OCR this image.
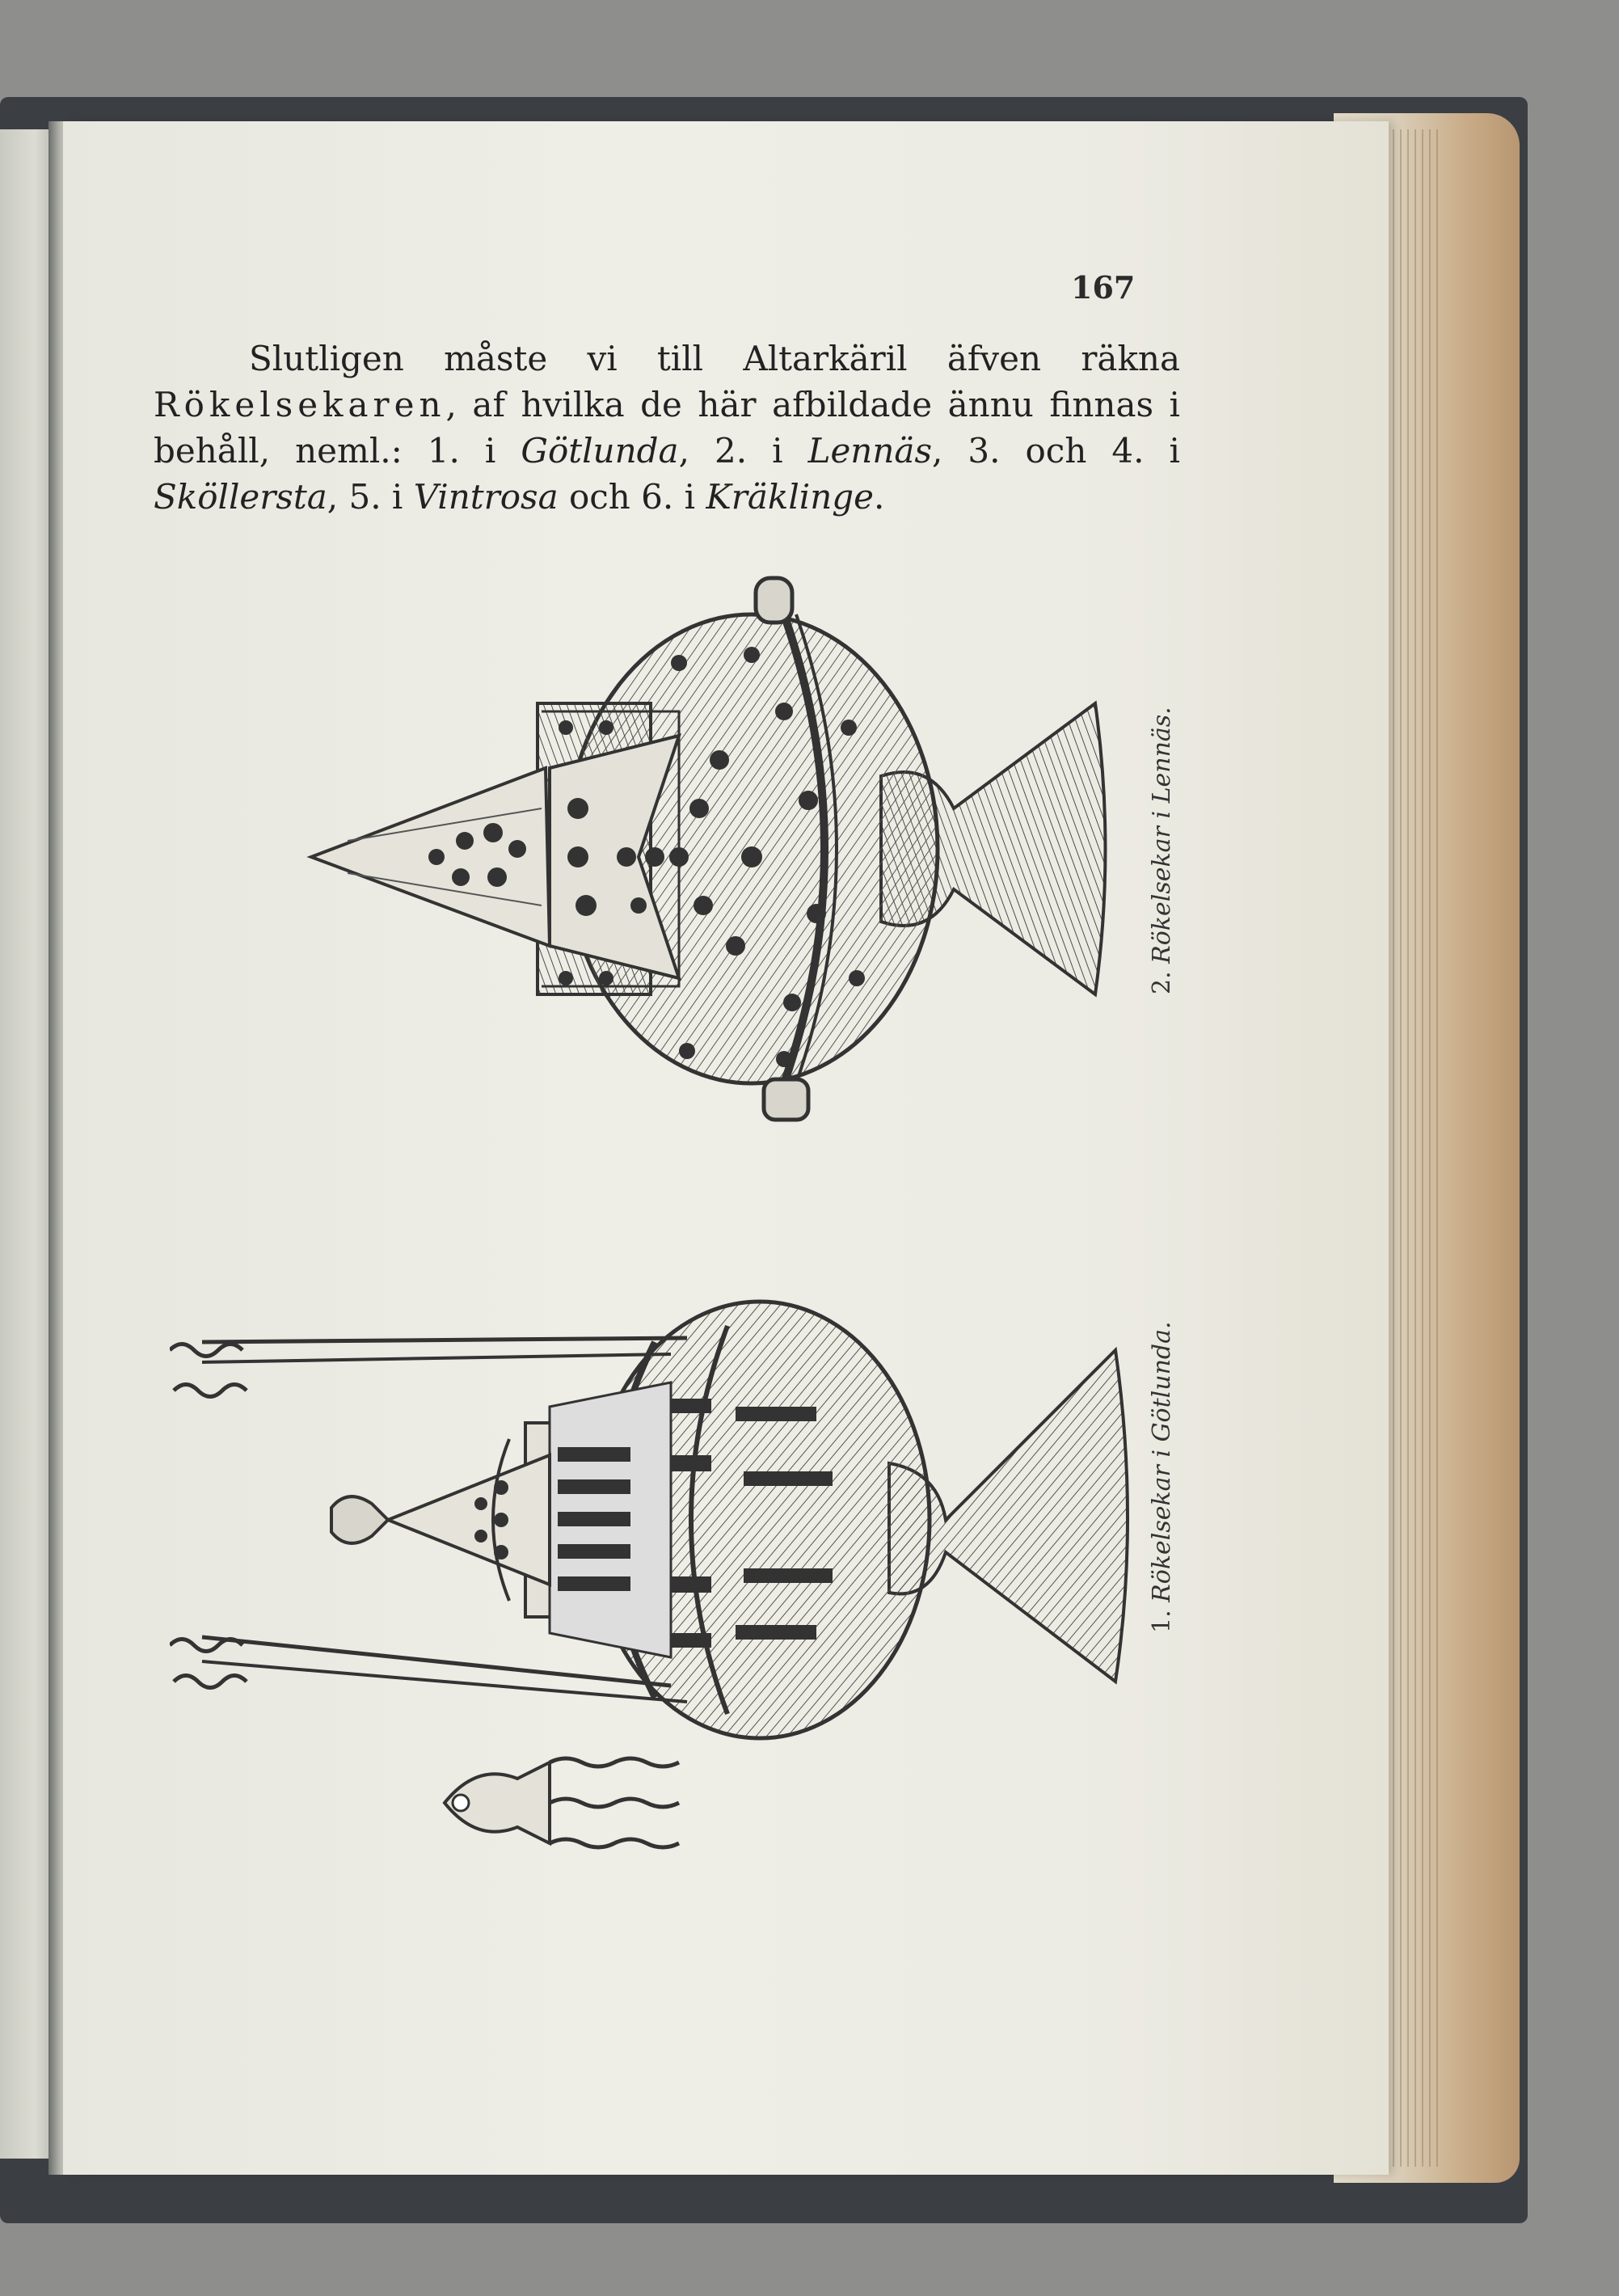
167

Slutligen måste vi till Altarkäril äfven räkna Rökelsekaren, af hvilka de här afbildade ännu finnas i behåll, neml.: 1. i Götlunda, 2. i Lennäs, 3. och 4. i Sköllersta, 5. i Vintrosa och 6. i Kräklinge.

2. Rökelsekar i Lennäs.
1. Rökelsekar i Götlunda.
